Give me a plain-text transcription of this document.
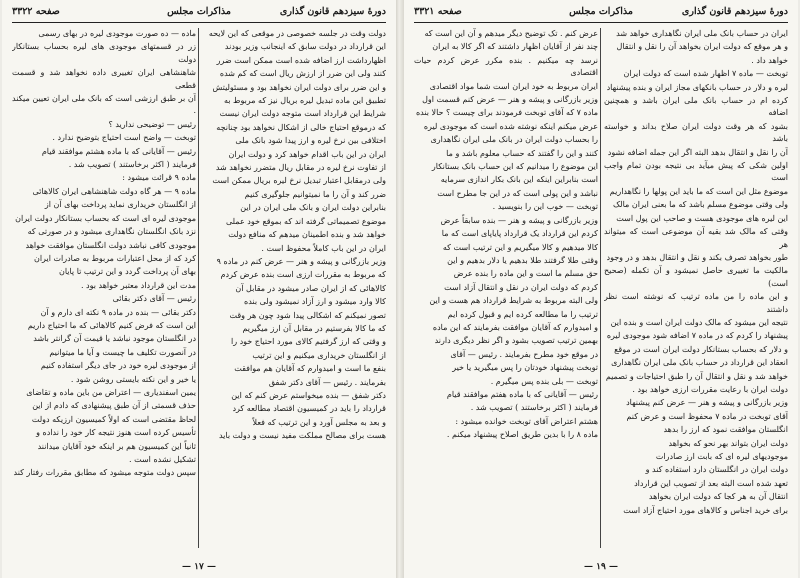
صفحه ۳۳۲۲	مذاکرات مجلس	دورهٔ سیزدهم قانون گذاری

دولت وقت در جلسه خصوصی در موقعی که این لایحه

این قرارداد در دولت سابق که اینجانب وزیر بودند

اظهارداشت ارز اضافه شده است ممکن است ضرر

کنند ولی این ضرر از ارزش ریال است که کم شده

و این ضرر برای دولت ایران نخواهد بود و مسئولیتش

تطبیق این ماده تبدیل لیره بریال نیز که مربوط به

شرایط این قرارداد است متوجه دولت ایران نیست

که درموقع احتیاج خالی از اشکال نخواهد بود چنانچه

اختلافی بین نرخ لیره و ارز پیدا شود بانک ملی

ایران در این باب اقدام خواهد کرد و دولت ایران

از تفاوت نرخ لیره در مقابل ریال متضرر نخواهد شد

ولی درمقابل اعتبار تبدیل نرخ لیره بریال ممکن است

ضرر کند و آن را ما نمیتوانیم جلوگیری کنیم

بنابراین دولت ایران و بانک ملی ایران در این

موضوع تصمیماتی گرفته اند که بموقع خود عملی

خواهد شد و بنده اطمینان میدهم که منافع دولت

ایران در این باب کاملاً محفوظ است .

وزیر بازرگانی و پیشه و هنر — عرض کنم در ماده ۹

که مربوط به مقررات ارزی است بنده عرض کردم

کالاهائی که از ایران صادر میشود در مقابل آن

کالا وارد میشود و ارز آزاد نمیشود ولی بنده

تصور نمیکنم که اشکالی پیدا شود چون هر وقت

که ما کالا بفرستیم در مقابل آن ارز میگیریم

و وقتی که ارز گرفتیم کالای مورد احتیاج خود را

از انگلستان خریداری میکنیم و این ترتیب

بنفع ما است و امیدوارم که آقایان هم موافقت

بفرمایند . رئیس — آقای دکتر شفق

دکتر شفق — بنده میخواستم عرض کنم که این

قرارداد را باید در کمیسیون اقتصاد مطالعه کرد

و بعد به مجلس آورد و این ترتیب که فعلاً

هست برای مصالح مملکت مفید نیست و دولت باید

ماده — ده صورت موجودی لیره در بهای رسمی

زر در قسمتهای موجودی های لیره بحساب بستانکار دولت

شاهنشاهی ایران تغییری داده نخواهد شد و قسمت قطعی

آن بر طبق ارزشی است که بانک ملی ایران تعیین میکند .

رئیس — توضیحی ندارید ؟

توبخت — واضح است احتیاج بتوضیح ندارد .

رئیس — آقایانی که با ماده هشتم موافقند قیام

فرمایند ( اکثر برخاستند ) تصویب شد .

ماده ۹ قرائت میشود :

ماده ۹ — هر گاه دولت شاهنشاهی ایران کالاهائی

از انگلستان خریداری نماید پرداخت بهای آن از

موجودی لیره ای است که بحساب بستانکار دولت ایران

نزد بانک انگلستان نگاهداری میشود و در صورتی که

موجودی کافی نباشد دولت انگلستان موافقت خواهد

کرد که از محل اعتبارات مربوط به صادرات ایران

بهای آن پرداخت گردد و این ترتیب تا پایان

مدت این قرارداد معتبر خواهد بود .

رئیس — آقای دکتر بقائی

دکتر بقائی — بنده در ماده ۹ نکته ای دارم و آن

این است که فرض کنیم کالاهائی که ما احتیاج داریم

در انگلستان موجود نباشد یا قیمت آن گرانتر باشد

در آنصورت تکلیف ما چیست و آیا ما میتوانیم

از موجودی لیره خود در جای دیگر استفاده کنیم

یا خیر و این نکته بایستی روشن شود .

یمین اسفندیاری — اعتراض من باین ماده و تقاضای

حذف قسمتی از آن طبق پیشنهادی که دادم از این

لحاظ مقتضی است که اولاً کمیسیون ارزیکه دولت

تأسیس کرده است هنوز نتیجه کار خود را نداده و

ثانیاً این کمیسیون هم بر اینکه خود آقایان میدانند

تشکیل نشده است .

سپس دولت متوجه میشود که مطابق مقررات رفتار کند

— ۱۷ —
صفحه ۳۳۲۱	مذاکرات مجلس	دورهٔ سیزدهم قانون گذاری

ایران در حساب بانک ملی ایران نگاهداری خواهد شد

و هر موقع که دولت ایران بخواهد آن را نقل و انتقال

خواهد داد .

توبخت — ماده ۷ اظهار شده است که دولت ایران

لیره و دلار در حساب بانکهای مجاز ایران و بنده پیشنهاد

کرده ام در حساب بانک ملی ایران باشد و همچنین اضافه

بشود که هر وقت دولت ایران صلاح بداند و خواسته باشد

آن را نقل و انتقال بدهد البته اگر این جمله اضافه نشود

اولین شکی که پیش میآید بی نتیجه بودن تمام واجب است

موضوع مثل این است که ما باید این پولها را نگاهداریم

ولی وقتی موضوع مسلم باشد که ما بعنی ایران مالک

این لیره های موجودی هست و صاحب این پول است

وقتی که مالک شد بقیه آن موضوعی است که میتواند هر

طور بخواهد تصرف بکند و نقل و انتقال بدهد و در وجود

مالکیت ما تغییری حاصل نمیشود و آن تکمله (صحیح است)

و این ماده را من ماده ترتیب که نوشته است نظر داشتند

نتیجه این میشود که مالک دولت ایران است و بنده این

پیشنهاد را کردم که در ماده ۷ اضافه شود موجودی لیره

و دلار که بحساب بستانکار دولت ایران است در موقع

انعقاد این قرارداد در حساب بانک ملی ایران نگاهداری

خواهد شد و نقل و انتقال آن را طبق احتیاجات و تصمیم

دولت ایران با رعایت مقررات ارزی خواهد بود .

وزیر بازرگانی و پیشه و هنر — عرض کنم پیشنهاد

آقای توبخت در ماده ۷ محفوظ است و عرض کنم

انگلستان موافقت نمود که ارز را بدهد

دولت ایران بتواند بهر نحو که بخواهد

موجودیهای لیره ای که بابت ارز صادرات

دولت ایران در انگلستان دارد استفاده کند و

تعهد شده است البته بعد از تصویب این قرارداد

انتقال آن به هر کجا که دولت ایران بخواهد

برای خرید اجناس و کالاهای مورد احتیاج آزاد است

عرض کنم . تک توضیح دیگر میدهم و آن این است که

چند نفر از آقایان اظهار داشتند که اگر کالا به ایران

نرسد چه میکنیم . بنده مکرر عرض کردم حیات اقتصادی

ایران مربوط به خود ایران است شما مواد اقتصادی

وزیر بازرگانی و پیشه و هنر — عرض کنم قسمت اول

ماده ۷ که آقای توبخت فرمودند برای چیست ؟ حالا بنده

عرض میکنم اینکه نوشته شده است که موجودی لیره

را بحساب دولت ایران در بانک ملی ایران نگاهداری

کنند و این را گفتند که حساب معلوم باشد و ما

این موضوع را میدانیم که این حساب بانک بستانکار

است بنابراین اینکه این بانک بکار اندازی سرمایه

نباشد و این پولی است که در این جا مطرح است

توبخت — خوب این را بنویسید .

وزیر بازرگانی و پیشه و هنر — بنده سابقاً عرض

کردم این قرارداد یک قرارداد پایاپای است که ما

کالا میدهیم و کالا میگیریم و این ترتیب است که

وقتی طلا گرفتند طلا بدهیم یا دلار بدهیم و این

حق مسلم ما است و این ماده را بنده عرض

کردم که دولت ایران در نقل و انتقال آزاد است

ولی البته مربوط به شرایط قرارداد هم هست و این

ترتیب را ما مطالعه کرده ایم و قبول کرده ایم

و امیدوارم که آقایان موافقت بفرمایند که این ماده

بهمین ترتیب تصویب بشود و اگر نظر دیگری دارند

در موقع خود مطرح بفرمایند . رئیس — آقای

توبخت پیشنهاد خودتان را پس میگیرید یا خیر

توبخت — بلی بنده پس میگیرم .

رئیس — آقایانی که با ماده هفتم موافقند قیام

فرمایند ( اکثر برخاستند ) تصویب شد .

هشتم اعتراض آقای توبخت خوانده میشود :

ماده ۸ را با بدین طریق اصلاح پیشنهاد میکنم .

— ۱۹ —
